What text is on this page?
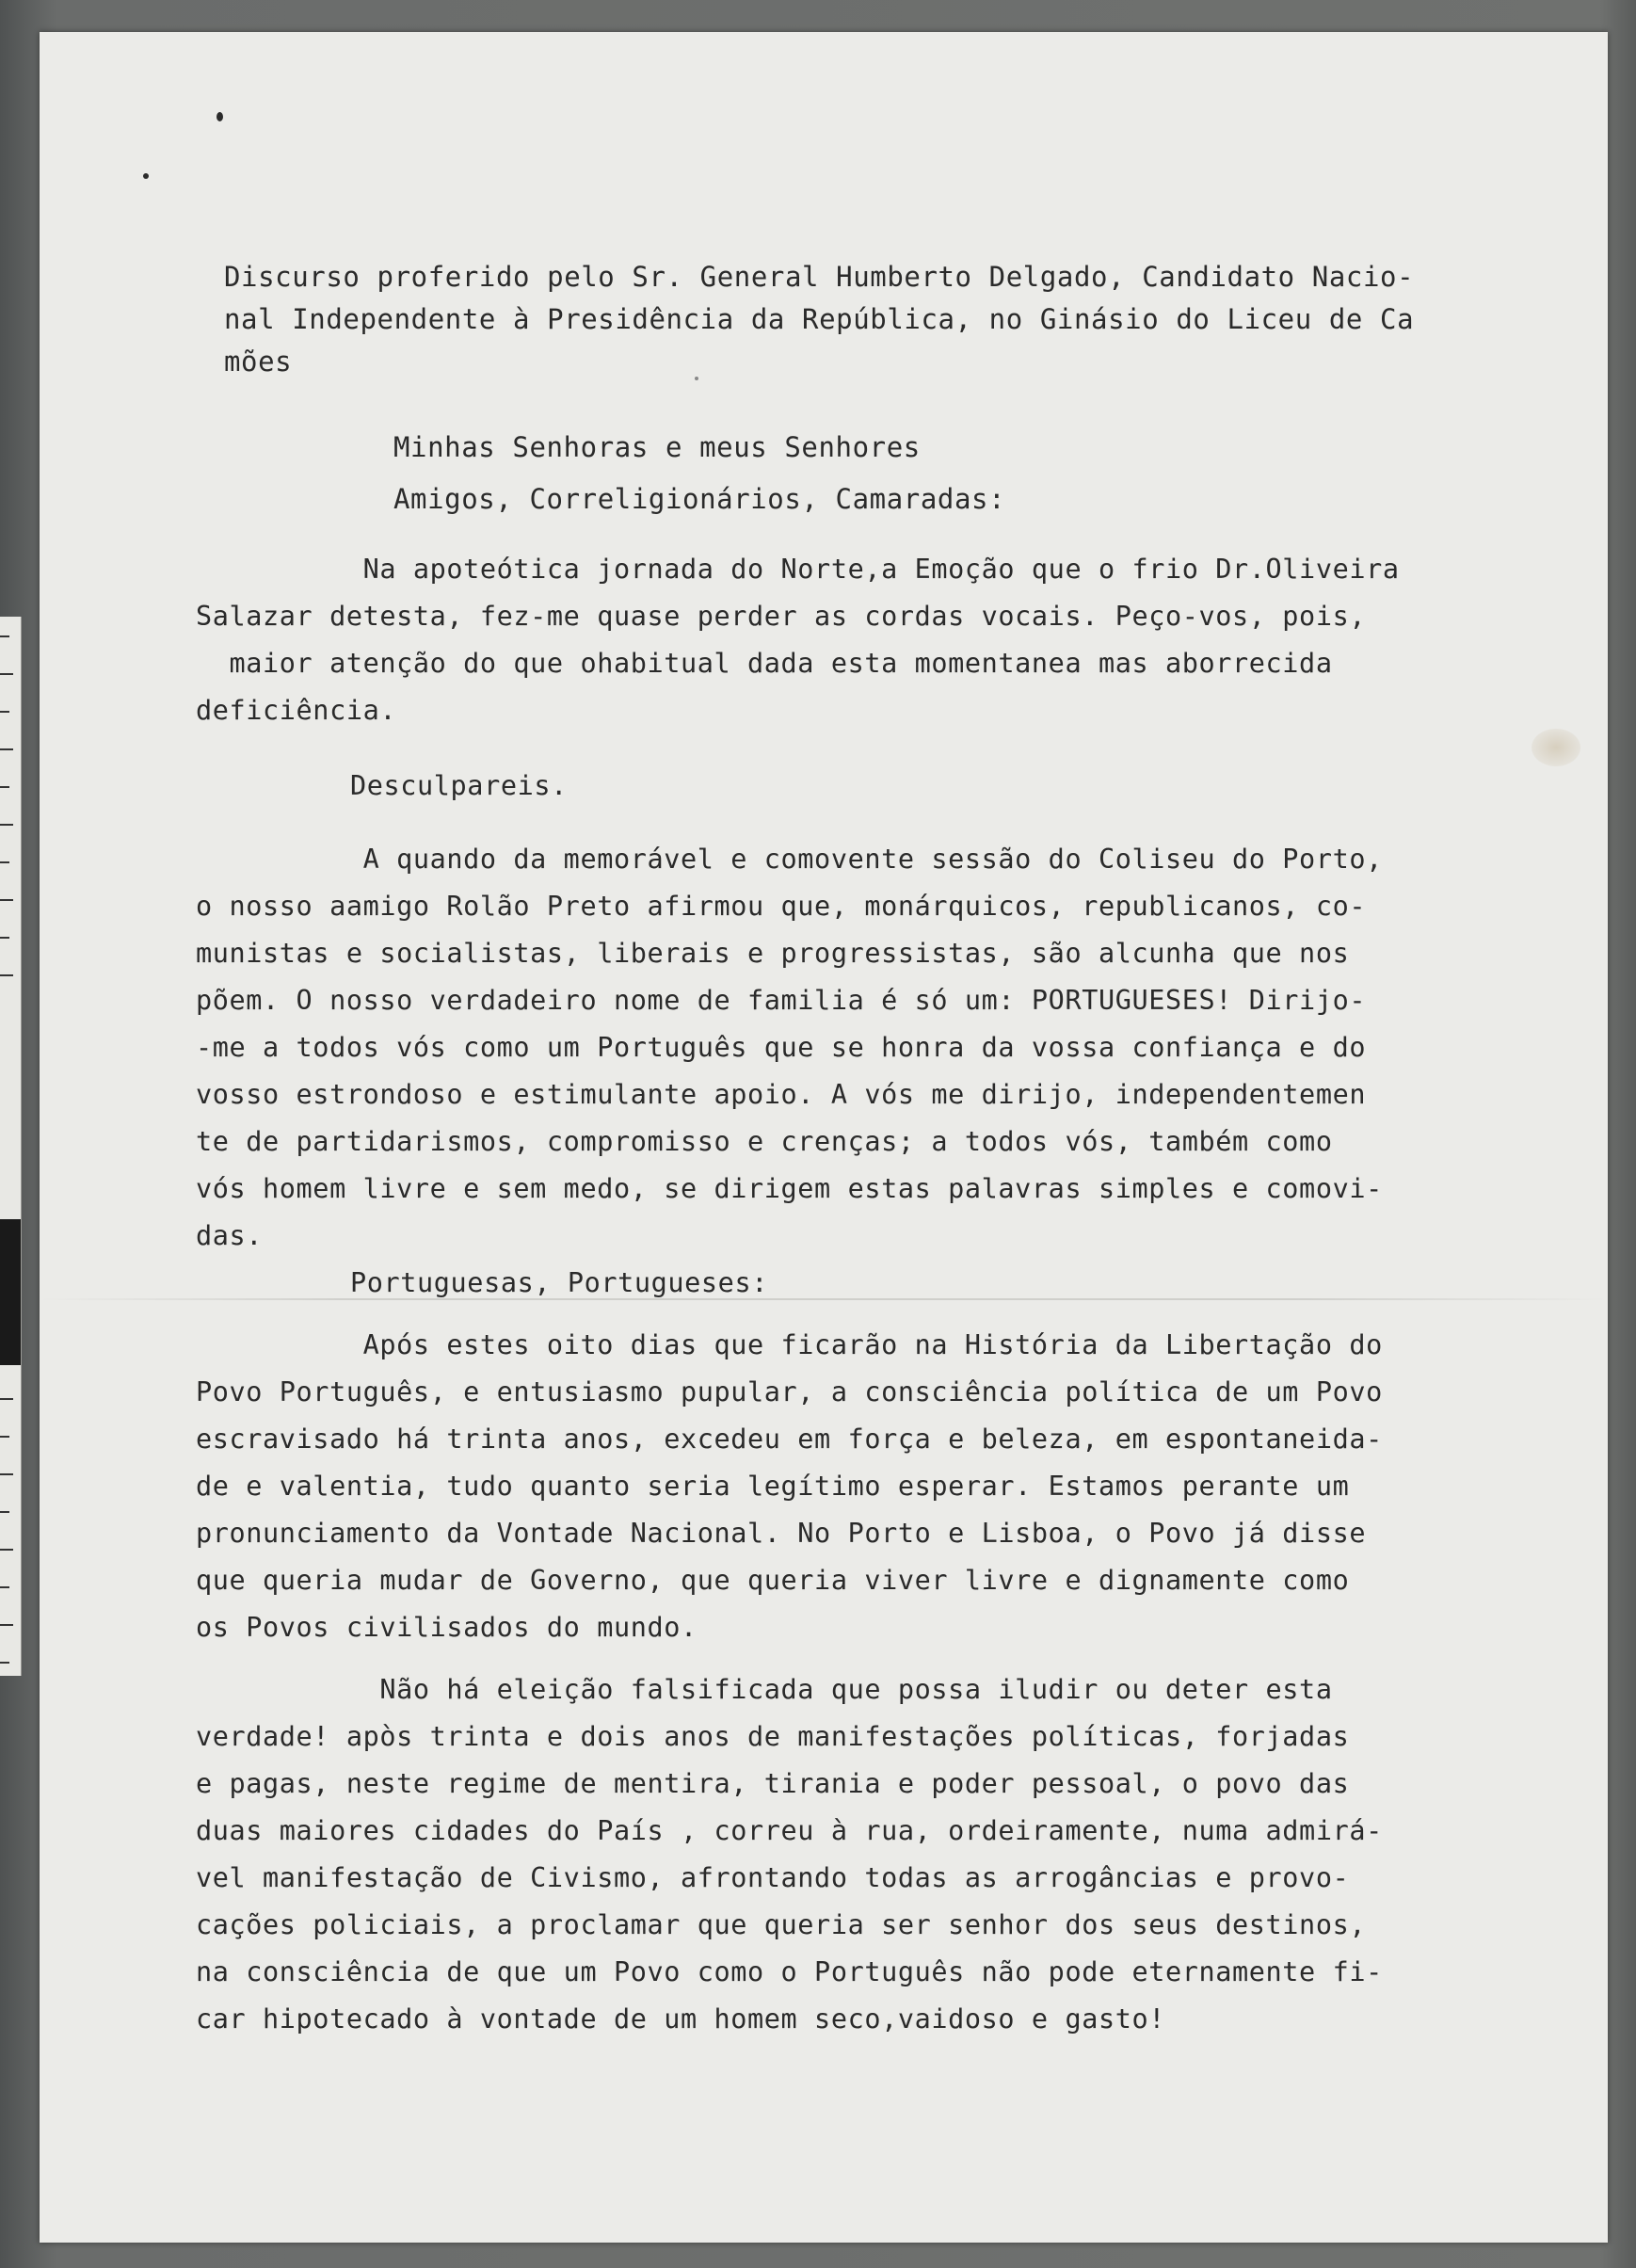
Discurso proferido pelo Sr. General Humberto Delgado, Candidato Nacio-
nal Independente à Presidência da República, no Ginásio do Liceu de Ca
mões
Minhas Senhoras e meus Senhores
Amigos, Correligionários, Camaradas:
Na apoteótica jornada do Norte,a Emoção que o frio Dr.Oliveira
Salazar detesta, fez-me quase perder as cordas vocais. Peço-vos, pois,
maior atenção do que ohabitual dada esta momentanea mas aborrecida
deficiência.
Desculpareis.
A quando da memorável e comovente sessão do Coliseu do Porto,
o nosso aamigo Rolão Preto afirmou que, monárquicos, republicanos, co-
munistas e socialistas, liberais e progressistas, são alcunha que nos
põem. O nosso verdadeiro nome de familia é só um: PORTUGUESES! Dirijo-
-me a todos vós como um Português que se honra da vossa confiança e do
vosso estrondoso e estimulante apoio. A vós me dirijo, independentemen
te de partidarismos, compromisso e crenças; a todos vós, também como
vós homem livre e sem medo, se dirigem estas palavras simples e comovi-
das.
Portuguesas, Portugueses:
Após estes oito dias que ficarão na História da Libertação do
Povo Português, e entusiasmo pupular, a consciência política de um Povo
escravisado há trinta anos, excedeu em força e beleza, em espontaneida-
de e valentia, tudo quanto seria legítimo esperar. Estamos perante um
pronunciamento da Vontade Nacional. No Porto e Lisboa, o Povo já disse
que queria mudar de Governo, que queria viver livre e dignamente como
os Povos civilisados do mundo.
Não há eleição falsificada que possa iludir ou deter esta
verdade! apòs trinta e dois anos de manifestações políticas, forjadas
e pagas, neste regime de mentira, tirania e poder pessoal, o povo das
duas maiores cidades do País , correu à rua, ordeiramente, numa admirá-
vel manifestação de Civismo, afrontando todas as arrogâncias e provo-
cações policiais, a proclamar que queria ser senhor dos seus destinos,
na consciência de que um Povo como o Português não pode eternamente fi-
car hipotecado à vontade de um homem seco,vaidoso e gasto!
